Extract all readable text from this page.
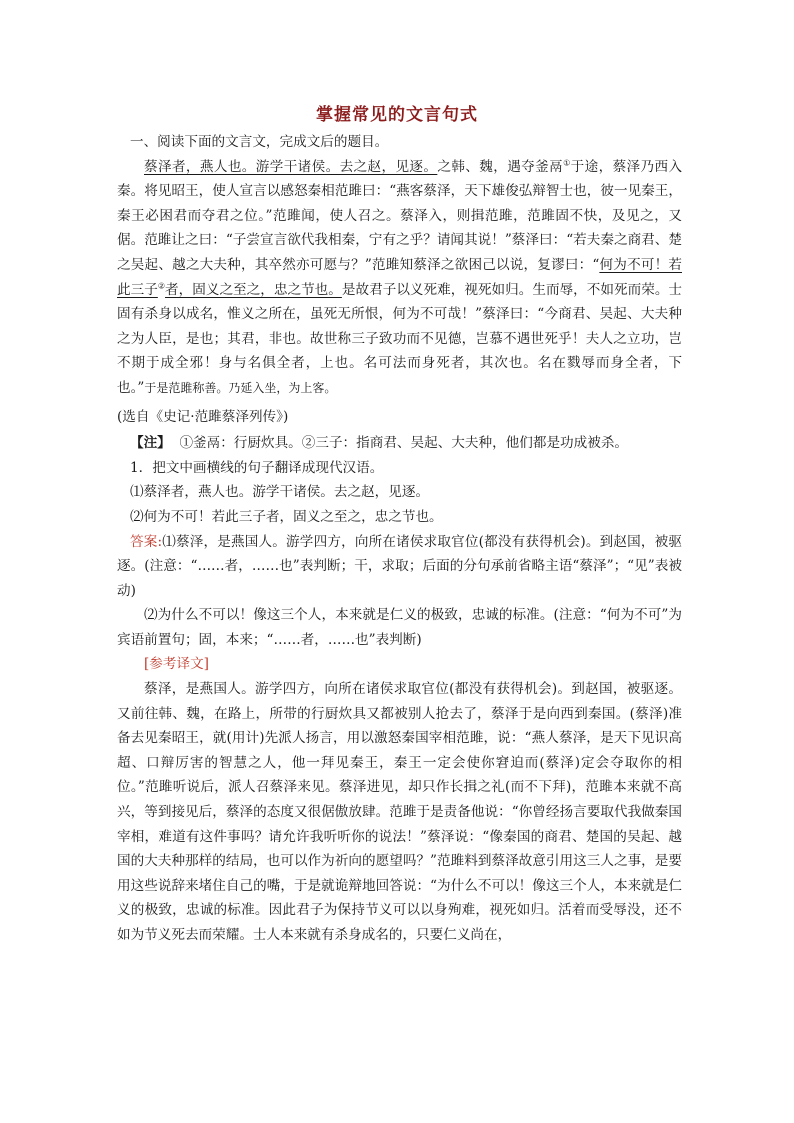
掌握常见的文言句式

一、阅读下面的文言文，完成文后的题目。

蔡泽者，燕人也。游学干诸侯。去之赵，见逐。之韩、魏，遇夺釜鬲①于途，蔡泽乃西入秦。将见昭王，使人宣言以感怒秦相范雎曰：“燕客蔡泽，天下雄俊弘辩智士也，彼一见秦王，秦王必困君而夺君之位。”范雎闻，使人召之。蔡泽入，则揖范雎，范雎固不快，及见之，又倨。范雎让之曰：“子尝宣言欲代我相秦，宁有之乎？请闻其说！”蔡泽曰：“若夫秦之商君、楚之吴起、越之大夫种，其卒然亦可愿与？”范雎知蔡泽之欲困己以说，复谬曰：“何为不可！若此三子②者，固义之至之，忠之节也。是故君子以义死难，视死如归。生而辱，不如死而荣。士固有杀身以成名，惟义之所在，虽死无所恨，何为不可哉！”蔡泽曰：“今商君、吴起、大夫种之为人臣，是也；其君，非也。故世称三子致功而不见德，岂慕不遇世死乎！夫人之立功，岂不期于成全邪！身与名俱全者，上也。名可法而身死者，其次也。名在戮辱而身全者，下也。”于是范雎称善。乃延入坐，为上客。

(选自《史记·范雎蔡泽列传》)

【注】 ①釜鬲：行厨炊具。②三子：指商君、吴起、大夫种，他们都是功成被杀。

1．把文中画横线的句子翻译成现代汉语。

⑴蔡泽者，燕人也。游学干诸侯。去之赵，见逐。

⑵何为不可！若此三子者，固义之至之，忠之节也。

答案:⑴蔡泽，是燕国人。游学四方，向所在诸侯求取官位(都没有获得机会)。到赵国，被驱逐。(注意：“……者，……也”表判断；干，求取；后面的分句承前省略主语“蔡泽”；“见”表被动)

⑵为什么不可以！像这三个人，本来就是仁义的极致，忠诚的标准。(注意：“何为不可”为宾语前置句；固，本来；“……者，……也”表判断)

[参考译文]

蔡泽，是燕国人。游学四方，向所在诸侯求取官位(都没有获得机会)。到赵国，被驱逐。又前往韩、魏，在路上，所带的行厨炊具又都被别人抢去了，蔡泽于是向西到秦国。(蔡泽)准备去见秦昭王，就(用计)先派人扬言，用以激怒秦国宰相范雎，说：“燕人蔡泽，是天下见识高超、口辩厉害的智慧之人，他一拜见秦王，秦王一定会使你窘迫而(蔡泽)定会夺取你的相位。”范雎听说后，派人召蔡泽来见。蔡泽进见，却只作长揖之礼(而不下拜)，范雎本来就不高兴，等到接见后，蔡泽的态度又很倨傲放肆。范雎于是责备他说：“你曾经扬言要取代我做秦国宰相，难道有这件事吗？请允许我听听你的说法！”蔡泽说：“像秦国的商君、楚国的吴起、越国的大夫种那样的结局，也可以作为祈向的愿望吗？”范雎料到蔡泽故意引用这三人之事，是要用这些说辞来堵住自己的嘴，于是就诡辩地回答说：“为什么不可以！像这三个人，本来就是仁义的极致，忠诚的标准。因此君子为保持节义可以以身殉难，视死如归。活着而受辱没，还不如为节义死去而荣耀。士人本来就有杀身成名的，只要仁义尚在，
